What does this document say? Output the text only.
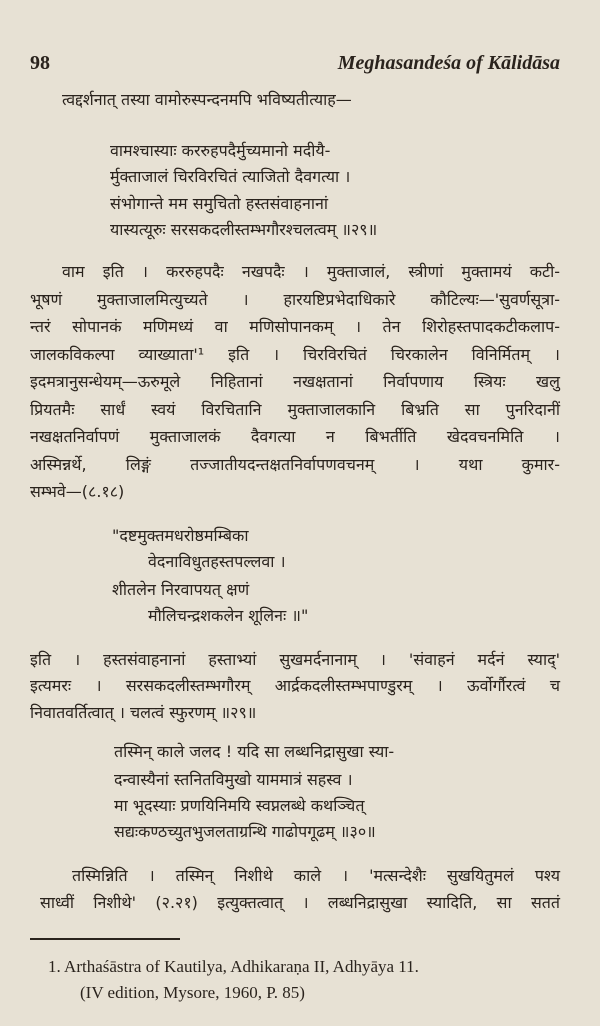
98	Meghasandeśa of Kālidāsa
त्वद्दर्शनात् तस्या वामोरुस्पन्दनमपि भविष्यतीत्याह—
वामश्चास्याः कररुहपदैर्मुच्यमानो मदीयै-
र्मुक्ताजालं चिरविरचितं त्याजितो दैवगत्या ।
संभोगान्ते मम समुचितो हस्तसंवाहनानां
यास्यत्यूरुः सरसकदलीस्तम्भगौरश्चलत्वम् ॥२९॥
वाम इति । कररुहपदैः नखपदैः । मुक्ताजालं, स्त्रीणां मुक्तामयं कटी-
भूषणं मुक्ताजालमित्युच्यते । हारयष्टिप्रभेदाधिकारे कौटिल्यः—'सुवर्णसूत्रा-
न्तरं सोपानकं मणिमध्यं वा मणिसोपानकम् । तेन शिरोहस्तपादकटीकलाप-
जालकविकल्पा व्याख्याता'¹ इति । चिरविरचितं चिरकालेन विनिर्मितम् ।
इदमत्रानुसन्धेयम्—ऊरुमूले निहितानां नखक्षतानां निर्वापणाय स्त्रियः खलु
प्रियतमैः सार्धं स्वयं विरचितानि मुक्ताजालकानि बिभ्रति सा पुनरिदानीं
नखक्षतनिर्वापणं मुक्ताजालकं दैवगत्या न बिभर्तीति खेदवचनमिति ।
अस्मिन्नर्थे, लिङ्गं तज्जातीयदन्तक्षतनिर्वापणवचनम् । यथा कुमार-
सम्भवे—(८.१८)
"दष्टमुक्तमधरोष्ठमम्बिका
वेदनाविधुतहस्तपल्लवा ।
शीतलेन निरवापयत् क्षणं
मौलिचन्द्रशकलेन शूलिनः ॥"
इति । हस्तसंवाहनानां हस्ताभ्यां सुखमर्दनानाम् । 'संवाहनं मर्दनं स्याद्'
इत्यमरः । सरसकदलीस्तम्भगौरम् आर्द्रकदलीस्तम्भपाण्डुरम् । ऊर्वोर्गौरत्वं च
निवातवर्तित्वात् । चलत्वं स्फुरणम् ॥२९॥
तस्मिन् काले जलद ! यदि सा लब्धनिद्रासुखा स्या-
दन्वास्यैनां स्तनितविमुखो याममात्रं सहस्व ।
मा भूदस्याः प्रणयिनिमयि स्वप्नलब्धे कथञ्चित्
सद्यःकण्ठच्युतभुजलताग्रन्थि गाढोपगूढम् ॥३०॥
तस्मिन्निति । तस्मिन् निशीथे काले । 'मत्सन्देशैः सुखयितुमलं पश्य
साध्वीं निशीथे' (२.२१) इत्युक्तत्वात् । लब्धनिद्रासुखा स्यादिति, सा सततं
1. Arthaśāstra of Kautilya, Adhikaraṇa II, Adhyāya 11.
(IV edition, Mysore, 1960, P. 85)
